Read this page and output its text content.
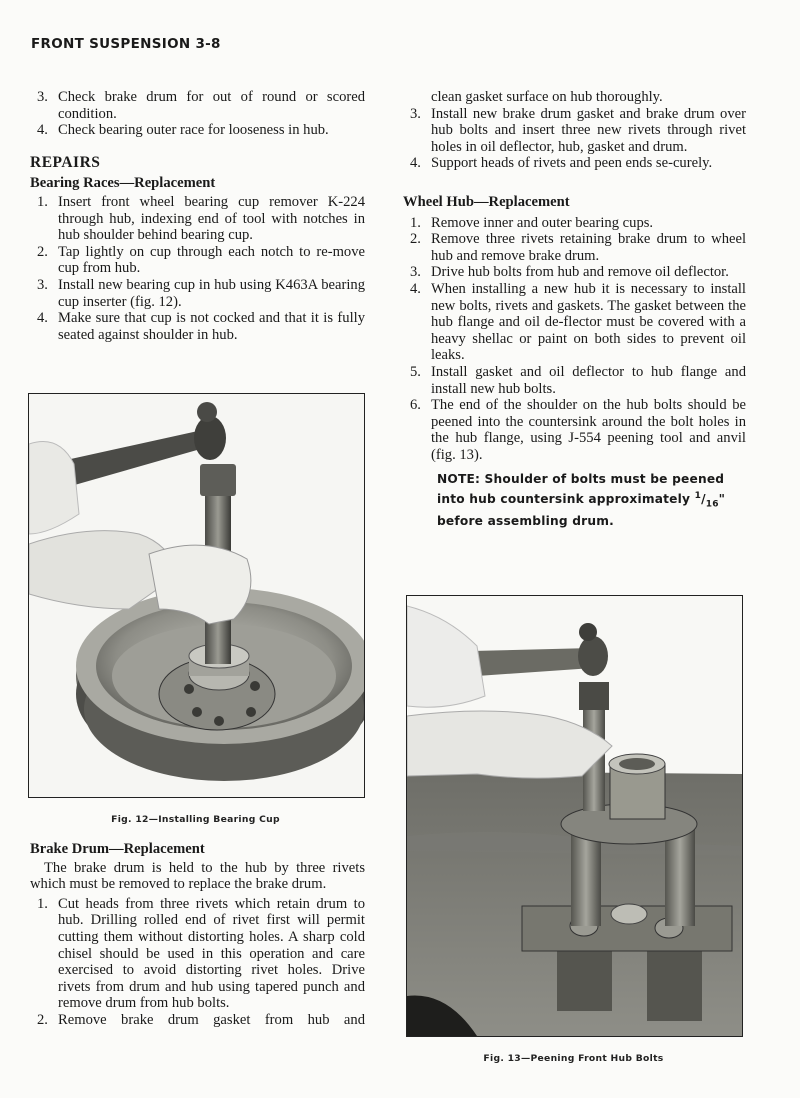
FRONT SUSPENSION 3-8
3. Check brake drum for out of round or scored condition.
4. Check bearing outer race for looseness in hub.
REPAIRS
Bearing Races—Replacement
1. Insert front wheel bearing cup remover K-224 through hub, indexing end of tool with notches in hub shoulder behind bearing cup.
2. Tap lightly on cup through each notch to re-move cup from hub.
3. Install new bearing cup in hub using K463A bearing cup inserter (fig. 12).
4. Make sure that cup is not cocked and that it is fully seated against shoulder in hub.
Fig. 12—Installing Bearing Cup
Brake Drum—Replacement

The brake drum is held to the hub by three rivets which must be removed to replace the brake drum.

1. Cut heads from three rivets which retain drum to hub. Drilling rolled end of rivet first will permit cutting them without distorting holes. A sharp cold chisel should be used in this operation and care exercised to avoid distorting rivet holes. Drive rivets from drum and hub using tapered punch and remove drum from hub bolts.
2. Remove brake drum gasket from hub and
clean gasket surface on hub thoroughly.
3. Install new brake drum gasket and brake drum over hub bolts and insert three new rivets through rivet holes in oil deflector, hub, gasket and drum.
4. Support heads of rivets and peen ends se-curely.
Wheel Hub—Replacement
1. Remove inner and outer bearing cups.
2. Remove three rivets retaining brake drum to wheel hub and remove brake drum.
3. Drive hub bolts from hub and remove oil deflector.
4. When installing a new hub it is necessary to install new bolts, rivets and gaskets. The gasket between the hub flange and oil de-flector must be covered with a heavy shellac or paint on both sides to prevent oil leaks.
5. Install gasket and oil deflector to hub flange and install new hub bolts.
6. The end of the shoulder on the hub bolts should be peened into the countersink around the bolt holes in the hub flange, using J-554 peening tool and anvil (fig. 13).
NOTE: Shoulder of bolts must be peened into hub countersink approximately $^1/_{16}$" before assembling drum.
Fig. 13—Peening Front Hub Bolts
